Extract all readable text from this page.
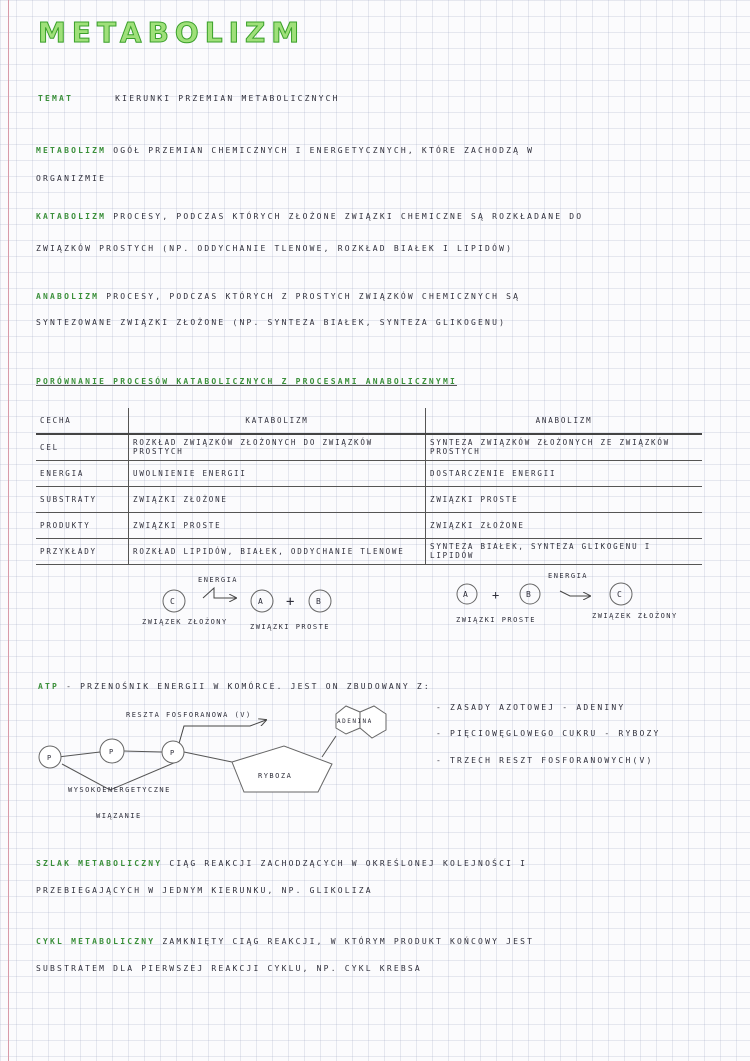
METABOLIZM
TEMAT	KIERUNKI PRZEMIAN METABOLICZNYCH
METABOLIZM OGÓŁ PRZEMIAN CHEMICZNYCH I ENERGETYCZNYCH, KTÓRE ZACHODZĄ W
ORGANIZMIE
KATABOLIZM PROCESY, PODCZAS KTÓRYCH ZŁOŻONE ZWIĄZKI CHEMICZNE SĄ ROZKŁADANE DO
ZWIĄZKÓW PROSTYCH (NP. ODDYCHANIE TLENOWE, ROZKŁAD BIAŁEK I LIPIDÓW)
ANABOLIZM PROCESY, PODCZAS KTÓRYCH Z PROSTYCH ZWIĄZKÓW CHEMICZNYCH SĄ
SYNTEZOWANE ZWIĄZKI ZŁOŻONE (NP. SYNTEZA BIAŁEK, SYNTEZA GLIKOGENU)
PORÓWNANIE PROCESÓW KATABOLICZNYCH Z PROCESAMI ANABOLICZNYMI
CECHA	KATABOLIZM	ANABOLIZM
CEL	ROZKŁAD ZWIĄZKÓW ZŁOŻONYCH DO ZWIĄZKÓW PROSTYCH	SYNTEZA ZWIĄZKÓW ZŁOŻONYCH ZE ZWIĄZKÓW PROSTYCH
ENERGIA	UWOLNIENIE ENERGII	DOSTARCZENIE ENERGII
SUBSTRATY	ZWIĄZKI ZŁOŻONE	ZWIĄZKI PROSTE
PRODUKTY	ZWIĄZKI PROSTE	ZWIĄZKI ZŁOŻONE
PRZYKŁADY	ROZKŁAD LIPIDÓW, BIAŁEK, ODDYCHANIE TLENOWE	SYNTEZA BIAŁEK, SYNTEZA GLIKOGENU I LIPIDÓW
ENERGIA
C	A +	B
ZWIĄZEK ZŁOŻONY
ZWIĄZKI PROSTE
ENERGIA
A +	B	C
ZWIĄZKI PROSTE	ZWIĄZEK ZŁOŻONY
RESZTA FOSFORANOWA (V)
P
P	P
RYBOZA
ADENINA
WYSOKOENERGETYCZNE
WIĄZANIE
ATP - PRZENOŚNIK ENERGII W KOMÓRCE. JEST ON ZBUDOWANY Z:
- ZASADY AZOTOWEJ - ADENINY
- PIĘCIOWĘGLOWEGO CUKRU - RYBOZY
- TRZECH RESZT FOSFORANOWYCH(V)
SZLAK METABOLICZNY CIĄG REAKCJI ZACHODZĄCYCH W OKREŚLONEJ KOLEJNOŚCI I
PRZEBIEGAJĄCYCH W JEDNYM KIERUNKU, NP. GLIKOLIZA
CYKL METABOLICZNY ZAMKNIĘTY CIĄG REAKCJI, W KTÓRYM PRODUKT KOŃCOWY JEST
SUBSTRATEM DLA PIERWSZEJ REAKCJI CYKLU, NP. CYKL KREBSA
